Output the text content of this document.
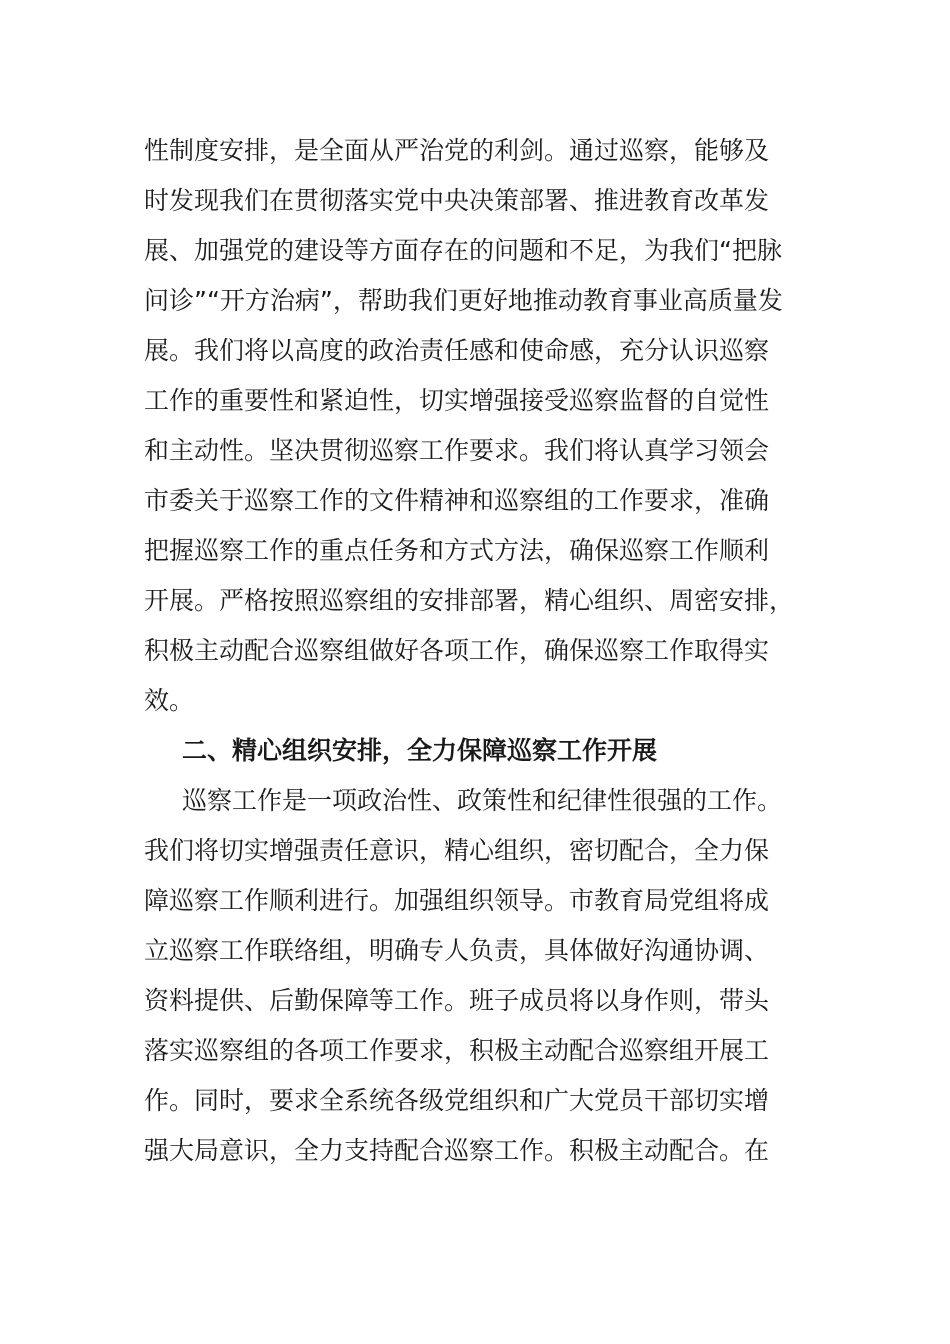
性制度安排，是全面从严治党的利剑。通过巡察，能够及
时发现我们在贯彻落实党中央决策部署、推进教育改革发
展、加强党的建设等方面存在的问题和不足，为我们“把脉
问诊”“开方治病”，帮助我们更好地推动教育事业高质量发
展。我们将以高度的政治责任感和使命感，充分认识巡察
工作的重要性和紧迫性，切实增强接受巡察监督的自觉性
和主动性。坚决贯彻巡察工作要求。我们将认真学习领会
市委关于巡察工作的文件精神和巡察组的工作要求，准确
把握巡察工作的重点任务和方式方法，确保巡察工作顺利
开展。严格按照巡察组的安排部署，精心组织、周密安排，
积极主动配合巡察组做好各项工作，确保巡察工作取得实
效。
二、精心组织安排，全力保障巡察工作开展
巡察工作是一项政治性、政策性和纪律性很强的工作。
我们将切实增强责任意识，精心组织，密切配合，全力保
障巡察工作顺利进行。加强组织领导。市教育局党组将成
立巡察工作联络组，明确专人负责，具体做好沟通协调、
资料提供、后勤保障等工作。班子成员将以身作则，带头
落实巡察组的各项工作要求，积极主动配合巡察组开展工
作。同时，要求全系统各级党组织和广大党员干部切实增
强大局意识，全力支持配合巡察工作。积极主动配合。在
